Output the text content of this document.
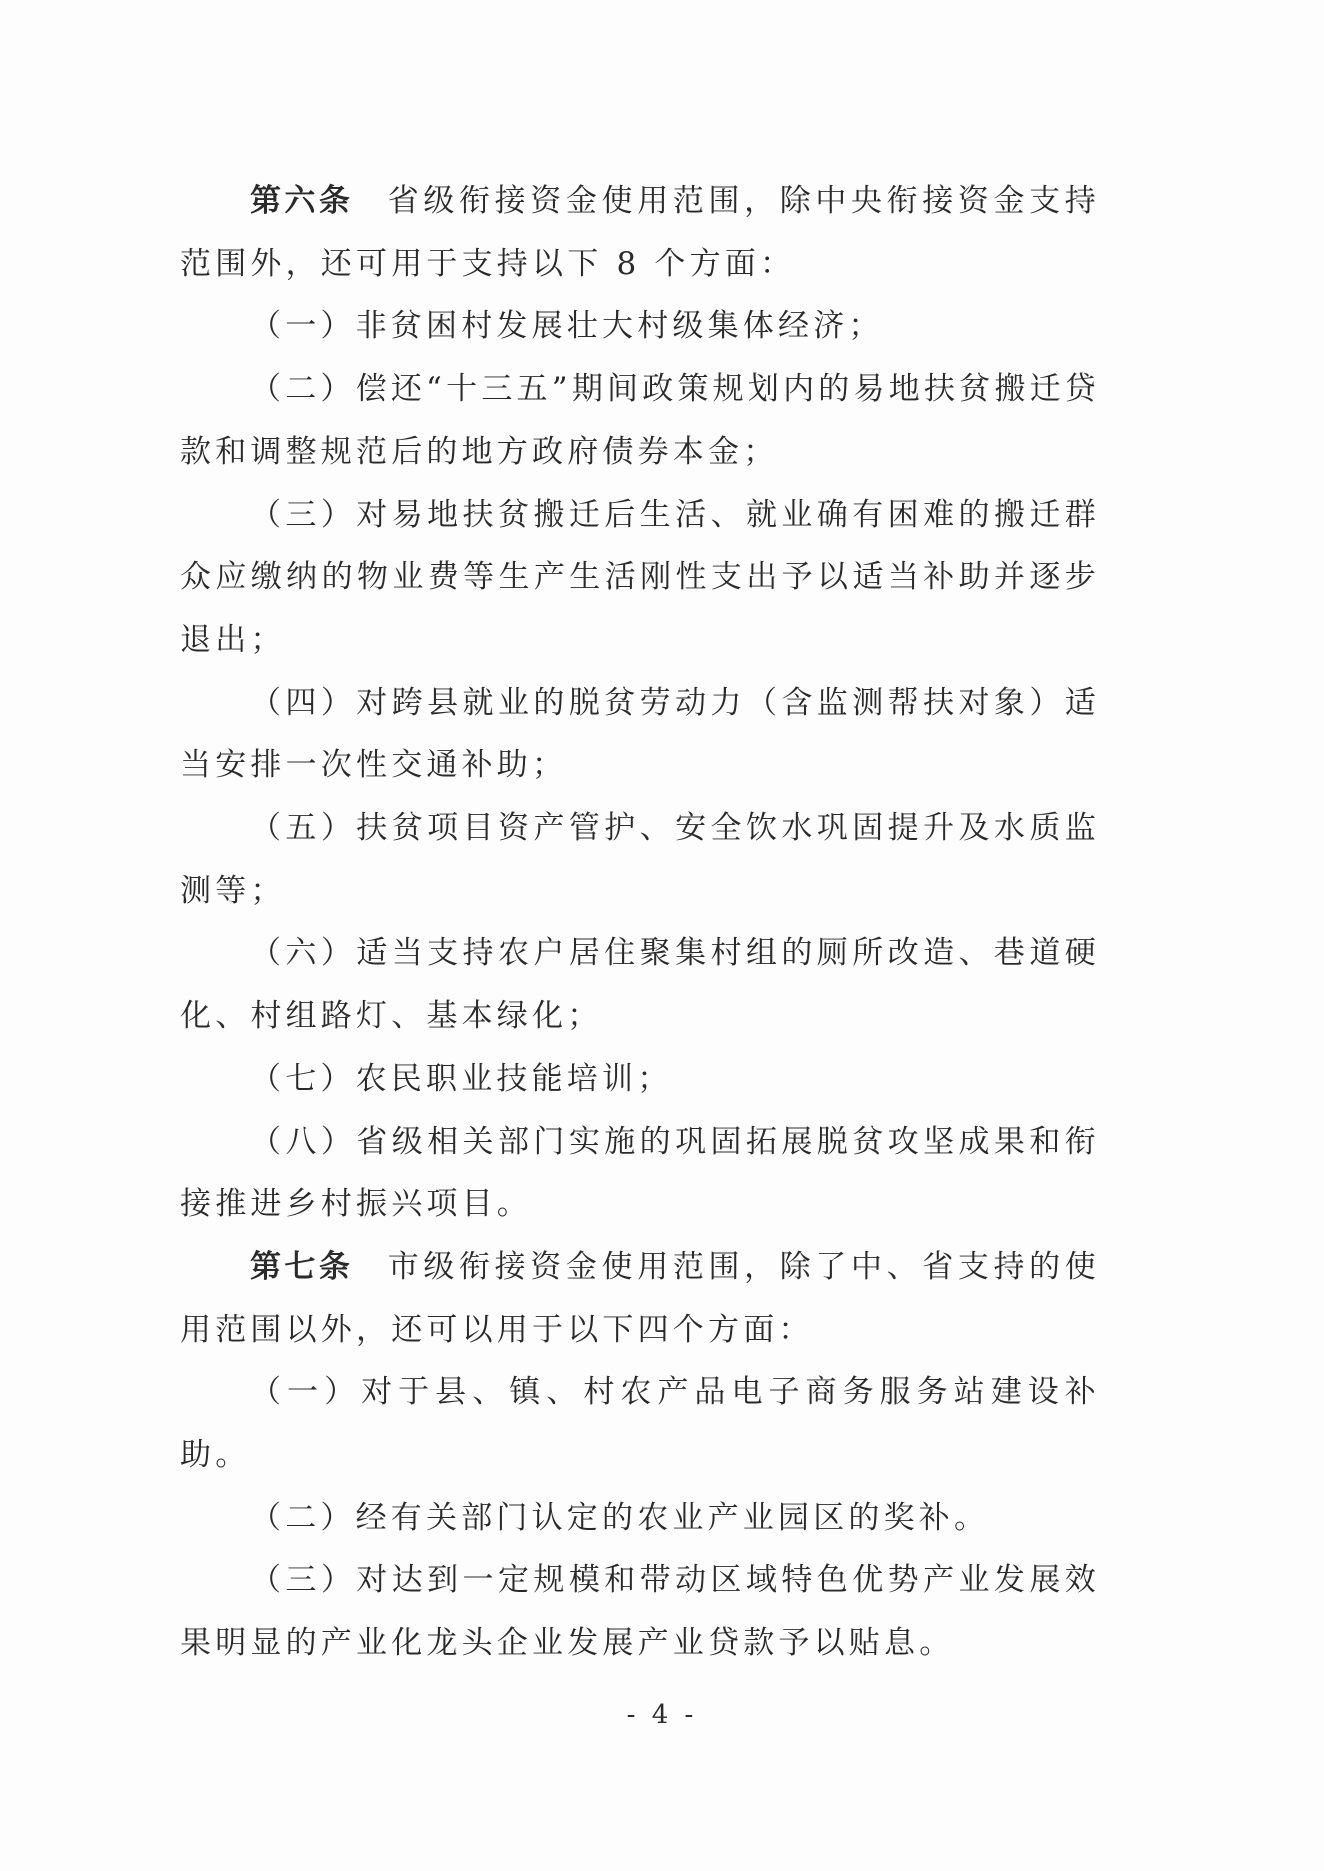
第六条 省级衔接资金使用范围，除中央衔接资金支持范围外，还可用于支持以下 8 个方面：

（一）非贫困村发展壮大村级集体经济；

（二）偿还“十三五”期间政策规划内的易地扶贫搬迁贷款和调整规范后的地方政府债券本金；

（三）对易地扶贫搬迁后生活、就业确有困难的搬迁群众应缴纳的物业费等生产生活刚性支出予以适当补助并逐步退出；

（四）对跨县就业的脱贫劳动力（含监测帮扶对象）适当安排一次性交通补助；

（五）扶贫项目资产管护、安全饮水巩固提升及水质监测等；

（六）适当支持农户居住聚集村组的厕所改造、巷道硬化、村组路灯、基本绿化；

（七）农民职业技能培训；

（八）省级相关部门实施的巩固拓展脱贫攻坚成果和衔接推进乡村振兴项目。

第七条 市级衔接资金使用范围，除了中、省支持的使用范围以外，还可以用于以下四个方面：

（一）对于县、镇、村农产品电子商务服务站建设补助。

（二）经有关部门认定的农业产业园区的奖补。

（三）对达到一定规模和带动区域特色优势产业发展效果明显的产业化龙头企业发展产业贷款予以贴息。

- 4 -
